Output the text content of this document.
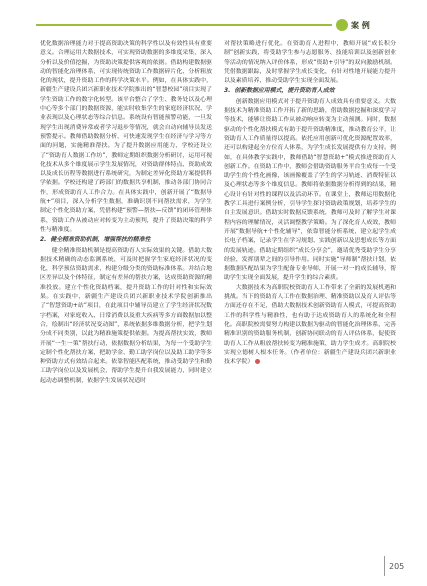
案 例

优化数据治理能力对于提高资助决策的科学性以及有效性具有重要意义。合理运用大数据技术，可实现资助数据的多维度采集，深入分析以及价值挖掘，为资助决策提供客观的依据。借助构建数据驱动的智能化治理体系，可实现传统资助工作数据碎片化、分析粗放化的现状，提升资助工作的科学决策水平。例如，在具体实践中，新疆生产建设兵团兴新职业技术学院推出的“智慧校园”项目实现了学生资助工作的数字化转型。该平台整合了学生、教务处以及心理中心等多个部门的数据资源，能实时收集学生的家庭经济状况、学业表现以及心理状态等综合信息。系统设有智能预警功能，一旦发现学生出现消费异常或者学习退步等情况，就会自动向辅导员发送预警提示。教师借助数据分析，可快速发现学生在经济与学习等方面的问题，实施精准帮扶。为了提升数据应用能力，学校还设立了“资助育人数据工作坊”，教师定期组织数据分析研讨，运用可视化技术从多个维度展示学生发展情况，对资助群体特点、资助成效以及成长历程等数据进行系统研究，为制定差异化资助方案提供科学依据。学校还构建了跨部门的数据共享机制，推动各部门协同合作，形成资助育人工作合力。在具体实践中，创新开展了“数据导航+”项目，深入分析学生数据，准确识别不同帮扶需求，为学生制定个性化资助方案，凭借构建“预警—帮扶—反馈”的闭环管理体系，资助工作从被动应对转变为主动预判，提升了资助决策的科学性与精准度。

2. 健全精准资助机制，增强帮扶的精准性

健全精准资助机制是提高资助育人实际效果的关键。借助大数据技术精确的动态监测系统，可及时把握学生家庭经济状况的变化，科学预估资助需求，构建分级分类的资助标准体系。并结合地区差异以及个体特征，制定有差异的帮扶方案，达成资助资源的精准投放。建立个性化资助档案，提升资助工作的针对性和实际效果。在实践中，新疆生产建设兵团兴新职业技术学院创新推出了“智慧资助+站”项目，在此项目中辅导员建立了学生经济状况数字档案，对家庭收入、日常消费以及重大疾病等多方面数据加以整合，绘制出“经济状况变动图”，系统依据多维数据分析，把学生划分成不同类别，以此为精准施策提供依据。为提高帮扶实效，教师开展“一生一策”帮扶行动，依据数据分析结果，为每一个受助学生定制个性化帮扶方案，把助学金、勤工助学岗位以及助工助学等多种资助方式有效结合起来。依靠智能匹配系统，推动受助学生和勤工助学岗位以及发展机会，帮助学生提升自我发展能力，同时建立起动态调整机制，依据学生发展状况适时

对帮扶策略进行优化。在资助育人进程中，教师开展“成长积分制”创新实践，将受助学生参与志愿服务、技能培训以及创新创业等活动的情况纳入评价体系，形成“资助+引导”的双向激励机制。凭借数据跟踪，及时掌握学生成长变化，有针对性地开展能力提升以及素质培养，推动受助学生实现全面发展。

3. 创新数据应用模式，提升资助育人成效

创新数据应用模式对于提升资助育人成效具有重要意义。大数据技术为精准资助工作开拓了新的思路，借助数据挖掘和深度学习等技术，能够让资助工作从被动响应转变为主动预测。同时，数据驱动的个性化帮扶模式有助于提升资助精准度，推动教育公平，让资助育人工作质量得以提高。依托应用创新可优化资源配置效率，还可以构建起全方位育人体系，为学生成长发展提供有力支持。例如，在具体教学实践中，教师借助“智慧资助+”模式推进资助育人创新工作。在资助工作中，教师会借助资助服务平台生成每一个受助学生的个性化画像，该画像覆盖了学生的学习轨迹、消费特征以及心理状态等多个维度信息。教师将依据数据分析得到的结果，精心设计有针对性的课程以及活动环节。在课堂上，教师运用数据化教学工具进行案例分析，引导学生探讨资助政策规划，培养学生的自主发展意识。借助实时数据反馈系统，教师可及时了解学生对课程内容的理解情况，灵活调整教学策略。为了深化育人成效，教师开展“数据导航+个性化辅导”，依靠智能分析系统，建立起学生成长电子档案，记录学生在学习规划、实践创新以及思想成长等方面的发展轨迹。借助定期组织“成长分享会”，邀请优秀受助学生分享经验，发挥朋辈之间的引导作用。同时实施“导师制”帮扶计划，依据数据匹配结果为学生配备专业导师，开展一对一的成长辅导，帮助学生实现全面发展，提升学生的综合素质。

大数据技术为高职院校资助育人工作带来了全新的发展机遇和挑战。当下的资助育人工作在数据治理、精准资助以及育人评估等方面还存在不足，借助大数据技术创新资助育人模式，可提高资助工作的科学性与精准性，也有助于达成资助育人的系统化和全程化。高职院校需要努力构建以数据为驱动的智能化治理体系，完善精准识别的资助服务机制，创新协同联动的育人评估体系，促使资助育人工作从粗放帮扶转变为精准施策，助力学生成才。高职院校实现立德树人根本任务。（作者单位：新疆生产建设兵团兴新职业技术学院）

205
